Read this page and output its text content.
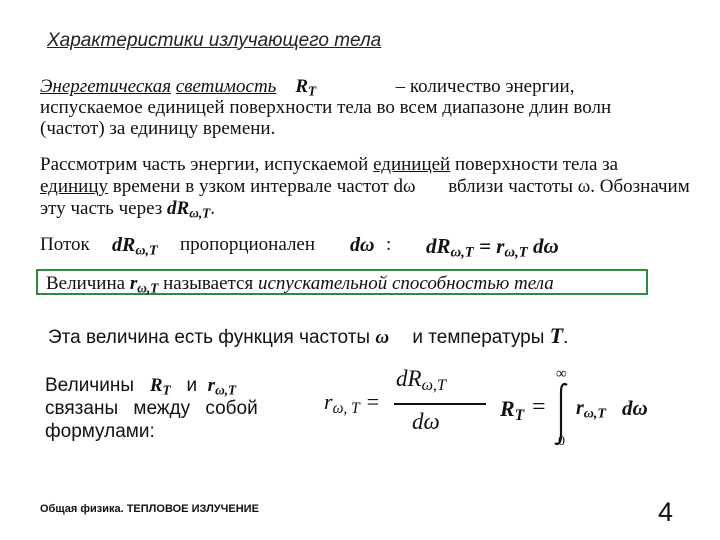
Характеристики излучающего тела
Энергетическая светимость $R_T$	– количество энергии, испускаемое единицей поверхности тела во всем диапазоне длин волн (частот) за единицу времени.
Рассмотрим часть энергии, испускаемой единицей поверхности тела за единицу времени в узком интервале частот dω вблизи частоты ω. Обозначим эту часть через $dR_{\omega,T}$.
Поток $dR_{\omega,T}$ пропорционален dω : $dR_{\omega,T} = r_{\omega,T}$ dω
Величина $r_{\omega,T}$ называется испускательной способностью тела
Эта величина есть функция частоты ω и температуры T.
Величины $R_T$ и $r_{\omega,T}$
связаны между собой
формулами:
$r_{\omega, T}$ =
$dR_{\omega,T}$
dω
$R_T$ =
∞
0
$r_{\omega,T}$ dω
Общая физика. ТЕПЛОВОЕ ИЗЛУЧЕНИЕ	4
